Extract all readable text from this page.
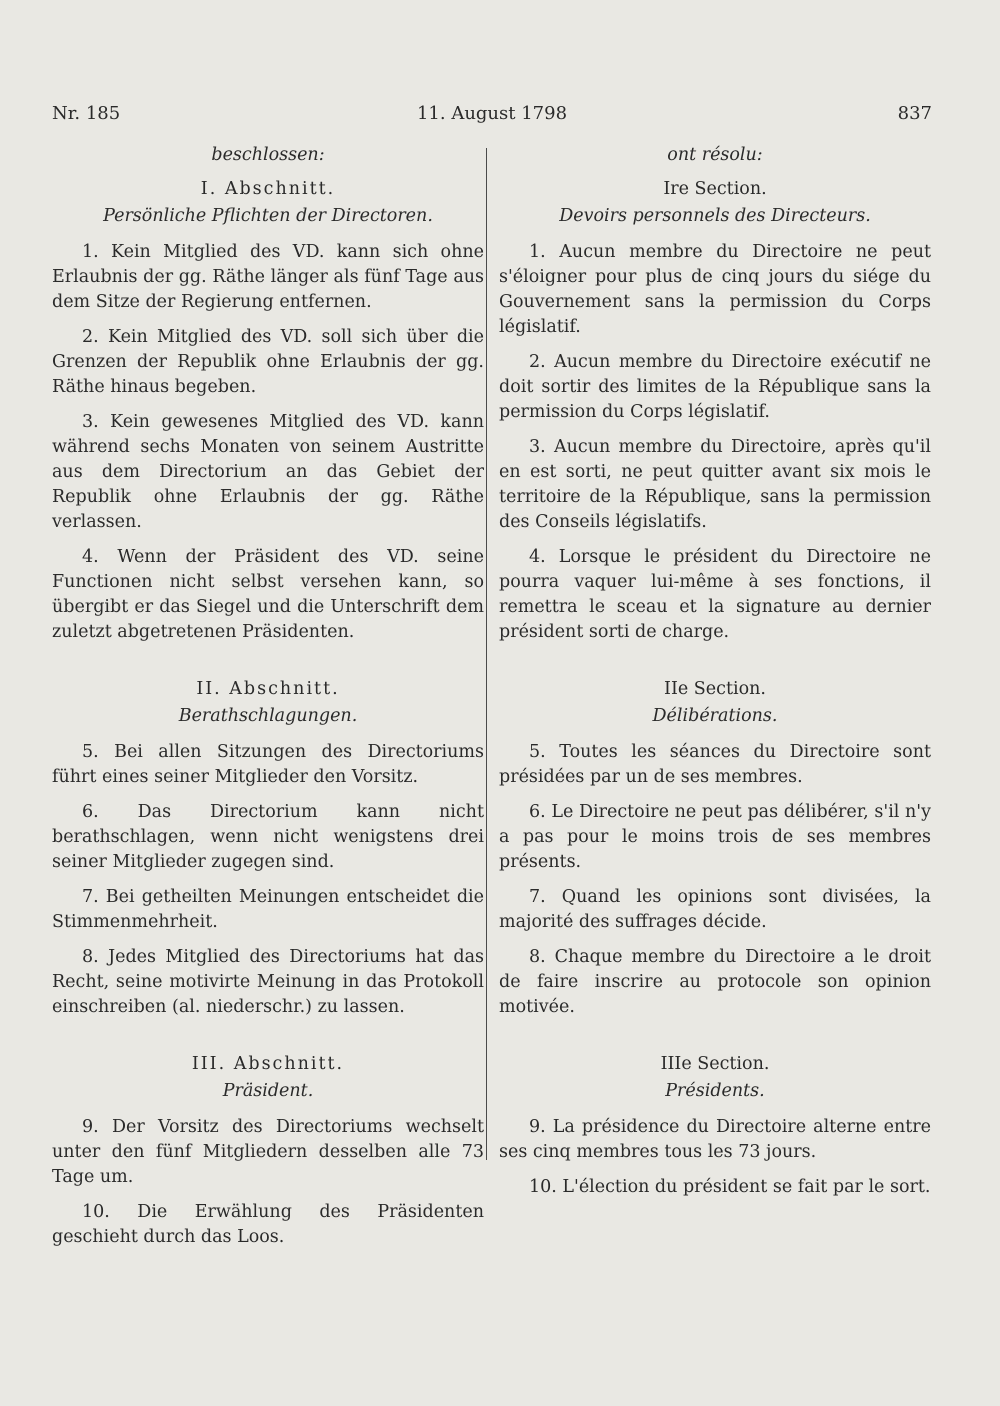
Nr. 185	11. August 1798	837

beschlossen:

I. Abschnitt.

Persönliche Pflichten der Directoren.

1. Kein Mitglied des VD. kann sich ohne Erlaubnis der gg. Räthe länger als fünf Tage aus dem Sitze der Regierung entfernen.

2. Kein Mitglied des VD. soll sich über die Grenzen der Republik ohne Erlaubnis der gg. Räthe hinaus begeben.

3. Kein gewesenes Mitglied des VD. kann während sechs Monaten von seinem Austritte aus dem Directorium an das Gebiet der Republik ohne Erlaubnis der gg. Räthe verlassen.

4. Wenn der Präsident des VD. seine Functionen nicht selbst versehen kann, so übergibt er das Siegel und die Unterschrift dem zuletzt abgetretenen Präsidenten.

II. Abschnitt.

Berathschlagungen.

5. Bei allen Sitzungen des Directoriums führt eines seiner Mitglieder den Vorsitz.

6. Das Directorium kann nicht berathschlagen, wenn nicht wenigstens drei seiner Mitglieder zugegen sind.

7. Bei getheilten Meinungen entscheidet die Stimmenmehrheit.

8. Jedes Mitglied des Directoriums hat das Recht, seine motivirte Meinung in das Protokoll einschreiben (al. niederschr.) zu lassen.

III. Abschnitt.

Präsident.

9. Der Vorsitz des Directoriums wechselt unter den fünf Mitgliedern desselben alle 73 Tage um.

10. Die Erwählung des Präsidenten geschieht durch das Loos.

ont résolu:

Ire Section.

Devoirs personnels des Directeurs.

1. Aucun membre du Directoire ne peut s'éloigner pour plus de cinq jours du siége du Gouvernement sans la permission du Corps législatif.

2. Aucun membre du Directoire exécutif ne doit sortir des limites de la République sans la permission du Corps législatif.

3. Aucun membre du Directoire, après qu'il en est sorti, ne peut quitter avant six mois le territoire de la République, sans la permission des Conseils législatifs.

4. Lorsque le président du Directoire ne pourra vaquer lui-même à ses fonctions, il remettra le sceau et la signature au dernier président sorti de charge.

IIe Section.

Délibérations.

5. Toutes les séances du Directoire sont présidées par un de ses membres.

6. Le Directoire ne peut pas délibérer, s'il n'y a pas pour le moins trois de ses membres présents.

7. Quand les opinions sont divisées, la majorité des suffrages décide.

8. Chaque membre du Directoire a le droit de faire inscrire au protocole son opinion motivée.

IIIe Section.

Présidents.

9. La présidence du Directoire alterne entre ses cinq membres tous les 73 jours.

10. L'élection du président se fait par le sort.
